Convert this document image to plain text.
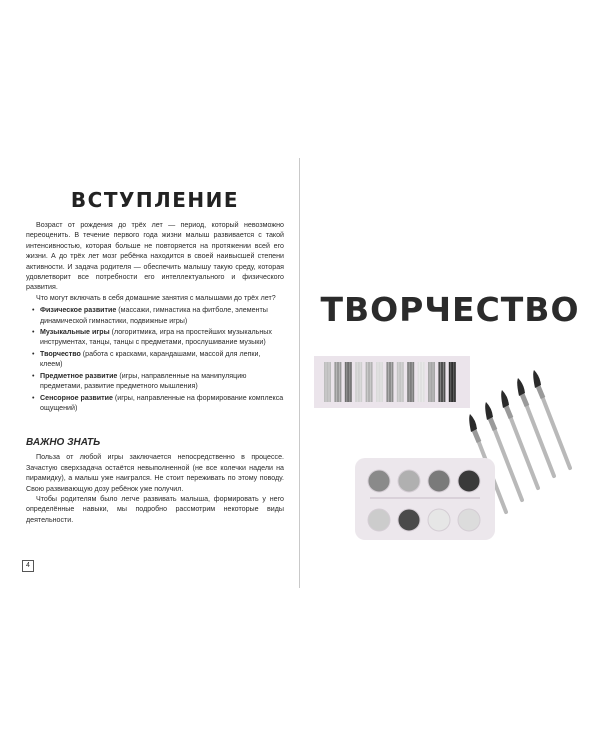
ВСТУПЛЕНИЕ

Возраст от рождения до трёх лет — период, который невозможно переоценить. В течение первого года жизни малыш развивается с такой интенсивностью, которая больше не повторяется на протяжении всей его жизни. А до трёх лет мозг ребёнка находится в своей наивысшей степени активности. И задача родителя — обеспечить малышу такую среду, которая удовлетворит все потребности его интеллектуального и физического развития.

Что могут включать в себя домашние занятия с малышами до трёх лет?

• Физическое развитие (массажи, гимнастика на фитболе, элементы динамической гимнастики, подвижные игры)
• Музыкальные игры (логоритмика, игра на простейших музыкальных инструментах, танцы, танцы с предметами, прослушивание музыки)
• Творчество (работа с красками, карандашами, массой для лепки, клеем)
• Предметное развитие (игры, направленные на манипуляцию предметами, развитие предметного мышления)
• Сенсорное развитие (игры, направленные на формирование комплекса ощущений)
ВАЖНО ЗНАТЬ

Польза от любой игры заключается непосредственно в процессе. Зачастую сверхзадача остаётся невыполненной (не все колечки надели на пирамидку), а малыш уже наигрался. Не стоит переживать по этому поводу. Свою развивающую дозу ребёнок уже получил.

Чтобы родителям было легче развивать малыша, формировать у него определённые навыки, мы подробно рассмотрим некоторые виды деятельности.

4
ТВОРЧЕСТВО
